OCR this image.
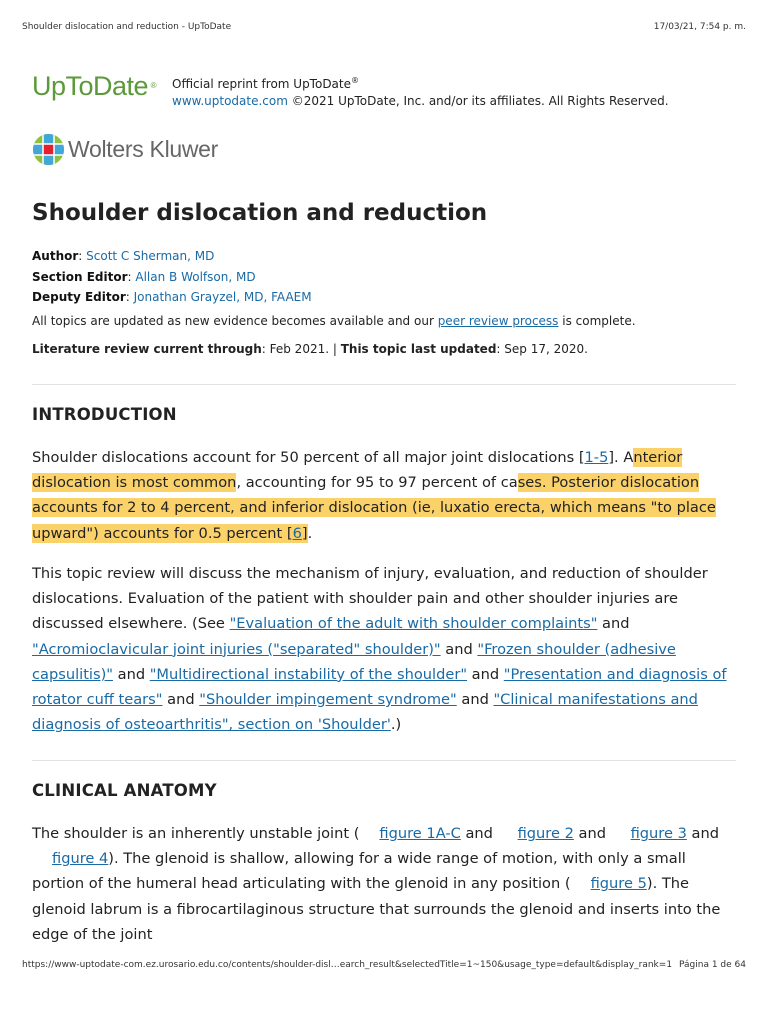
Shoulder dislocation and reduction - UpToDate	17/03/21, 7:54 p. m.
UpToDate ® Official reprint from UpToDate®
www.uptodate.com ©2021 UpToDate, Inc. and/or its affiliates. All Rights Reserved.
Wolters Kluwer
Shoulder dislocation and reduction
Author: Scott C Sherman, MD
Section Editor: Allan B Wolfson, MD
Deputy Editor: Jonathan Grayzel, MD, FAAEM
All topics are updated as new evidence becomes available and our peer review process is complete.
Literature review current through: Feb 2021. | This topic last updated: Sep 17, 2020.
INTRODUCTION

Shoulder dislocations account for 50 percent of all major joint dislocations [1-5]. Anterior dislocation is most common, accounting for 95 to 97 percent of cases. Posterior dislocation accounts for 2 to 4 percent, and inferior dislocation (ie, luxatio erecta, which means "to place upward") accounts for 0.5 percent [6].

This topic review will discuss the mechanism of injury, evaluation, and reduction of shoulder dislocations. Evaluation of the patient with shoulder pain and other shoulder injuries are discussed elsewhere. (See "Evaluation of the adult with shoulder complaints" and "Acromioclavicular joint injuries ("separated" shoulder)" and "Frozen shoulder (adhesive capsulitis)" and "Multidirectional instability of the shoulder" and "Presentation and diagnosis of rotator cuff tears" and "Shoulder impingement syndrome" and "Clinical manifestations and diagnosis of osteoarthritis", section on 'Shoulder'.)

CLINICAL ANATOMY

The shoulder is an inherently unstable joint ( figure 1A-C and figure 2 and figure 3 and figure 4). The glenoid is shallow, allowing for a wide range of motion, with only a small portion of the humeral head articulating with the glenoid in any position ( figure 5). The glenoid labrum is a fibrocartilaginous structure that surrounds the glenoid and inserts into the edge of the joint

https://www-uptodate-com.ez.urosario.edu.co/contents/shoulder-disl…earch_result&selectedTitle=1~150&usage_type=default&display_rank=1 Página 1 de 64
